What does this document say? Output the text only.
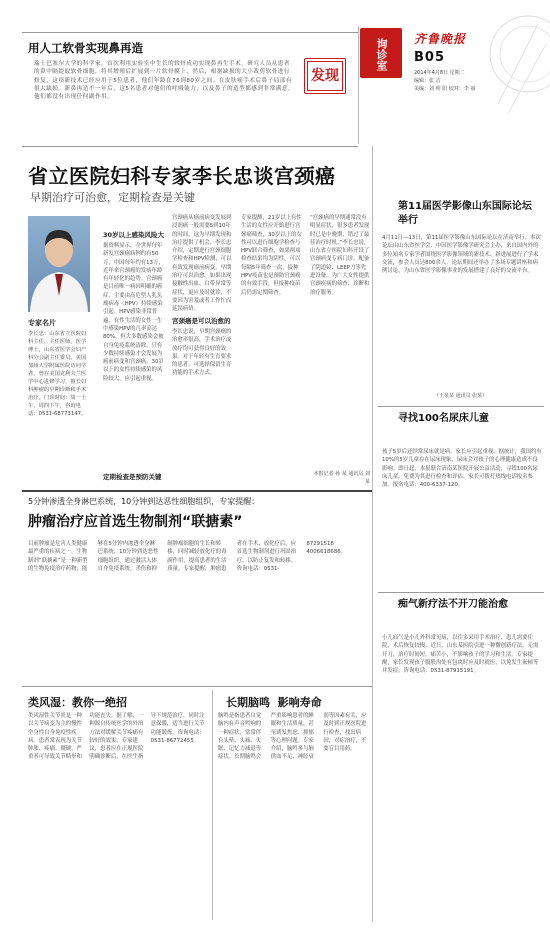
用人工软骨实现鼻再造
瑞士巴塞尔大学的科学家，首次利用实验室中生长的软骨成功实现鼻再生手术。研究人员从患者的鼻中隔提取软骨细胞，将其增殖后扩展到一片软骨膜上，然后，根据缺损的大小裁剪软骨进行修复，这项新技术已经应用于5位患者，他们年龄在76到80岁之间。在皮肤癌手术后鼻子局部有很大缺损。新鼻再造不一年后，这5名患者对他们的呼吸能力，以及鼻子的造型都感到非常满意。他们都没有出现任何副作用。
发现
齐鲁晚报
询诊室 B05
2014年4月8日 星期二
编辑：张 洁
美编：刘 明 阳 校对：李 丽
省立医院妇科专家李长忠谈宫颈癌
早期治疗可治愈，定期检查是关键
专家名片
李长忠：山东省立医院妇科主任、主任医师，医学博士，山东省医学会妇产科分会副主任委员、美国加州大学附属医院访问学者，曾在美国克利夫兰医学中心进修学习，擅长妇科肿瘤的早期诊断和手术治疗。门诊时间：周一上午、周四下午，咨询电话：0531-68773147。
30岁以上感染风险大
据资料显示，全世界每年新发宫颈癌病例约有50万，中国每年约有13万，近年来宫颈癌的发病年龄有年轻化的趋势。宫颈癌是目前唯一病因明确的癌症，主要由高危型人乳头瘤病毒（HPV）持续感染引起。HPV感染非常普遍，有性生活的女性一生中感染HPV的几率高达80%，但大多数感染会被自身免疫系统清除，只有少数持续感染才会发展为癌前病变和宫颈癌。30岁以上的女性持续感染的风险较大，应引起重视。
宫颈癌从癌前病变发展到浸润癌一般需要5到10年的时间，这为早期发现和治疗提供了机会。李长忠介绍，定期进行宫颈细胞学检查和HPV检测，可以有效发现癌前病变，早期治疗可以治愈。如果出现接触性出血、白带异常等症状，更应及时就诊，不要因为害羞或者工作忙而延误病情。
宫颈癌是可以治愈的
李长忠说，早期宫颈癌的治愈率很高，手术治疗或放疗均可获得良好的效果。对于年轻有生育要求的患者，可选择保留生育功能的手术方式。
定期检查是预防关键
专家提醒，21岁以上有性生活的女性应开始进行宫颈癌筛查，30岁以上的女性可以进行细胞学检查与HPV联合筛查，如果两项检查结果均为阴性，可以每隔5年筛查一次。接种HPV疫苗也是预防宫颈癌的有效手段，但接种疫苗后仍需定期筛查。
“宫颈癌的早期通常没有明显症状，很多患者发现时已是中晚期，错过了最佳治疗时机。”李长忠说，山东省立医院妇科开设了宫颈病变专病门诊，配备了阴道镜、LEEP刀等先进设备，为广大女性提供宫颈疾病的筛查、诊断和治疗服务。
本报记者 孙 某 通讯员 刘 某
5分钟渗透全身淋巴系统，10分钟到达恶性细胞组织，专家提醒：
肿瘤治疗应首选生物制剂“联搪素”
目前肿瘤是危害人类健康最严重的疾病之一。生物制剂“联搪素”是一种新型的生物免疫治疗药物，能够在5分钟内渗透全身淋巴系统，10分钟到达恶性细胞组织，通过激活人体自身免疫系统，杀伤和抑制肿瘤细胞的生长和转移，同时减轻放化疗的毒副作用，提高患者的生活质量。专家提醒，肿瘤患者在手术、放化疗后，应首选生物制剂进行巩固治疗，以防止复发和转移。咨询电话：0531-87291518 4006618686。
类风湿：教你一绝招
类风湿性关节炎是一种以关节病变为主的慢性全身性自身免疫性疾病。患者常表现为关节肿胀、疼痛、僵硬，严重者可导致关节畸形和功能丧失。据了解，一种源自传统医学的外治方法对缓解关节疼痛有较好的效果。专家建议，患者应在正规医院明确诊断后，在医生指导下规范治疗，同时注意保暖，适当进行关节功能锻炼。咨询电话：0531-86772455。
长期脑鸣  影响寿命
脑鸣是指患者自觉脑内有声音鸣响的一种症状，常常伴有头晕、头痛、失眠、记忆力减退等症状。长期脑鸣会严重影响患者的睡眠和生活质量，甚至诱发焦虑、抑郁等心理问题。专家介绍，脑鸣多与脑供血不足、神经衰弱等因素有关，应及时到正规医院进行检查，找出病因，对症治疗，不要盲目用药。
第11届医学影像山东国际论坛举行
4月11日—13日，第11届医学影像山东国际论坛在济南举行。本次论坛由山东省医学会、中国医学影像学研究会主办，来自国内外的多位知名专家学者围绕医学影像领域的新技术、新进展进行了学术交流，参会人员达800余人。论坛期间还举办了多场专题讲座和病例讨论，为山东省医学影像事业的发展搭建了良好的交流平台。
（王某某 通讯员 张某）
寻找100名尿床儿童
孩子5岁后还经常尿床就是病，家长应引起重视。据统计，我国约有10%的5岁儿童存在尿床现象，尿床会对孩子的心理健康造成不良影响。即日起，本报联合济南某医院开展公益活动，寻找100名尿床儿童，免费为其进行检查和评估。家长可拨打热线电话报名参加。报名电话：400-6337-120。
痴气新疗法不开刀能治愈
小儿疝气是小儿外科常见病，以往多采用手术治疗，患儿需要住院，术后恢复较慢。近日，山东某医院引进一种微创新疗法，无需开刀，治疗时间短，痛苦小，不影响孩子的学习和生活。专家提醒，家长发现孩子腹股沟处有包块时应及时就医，以免发生嵌顿等并发症。咨询电话：0531-87915191。
